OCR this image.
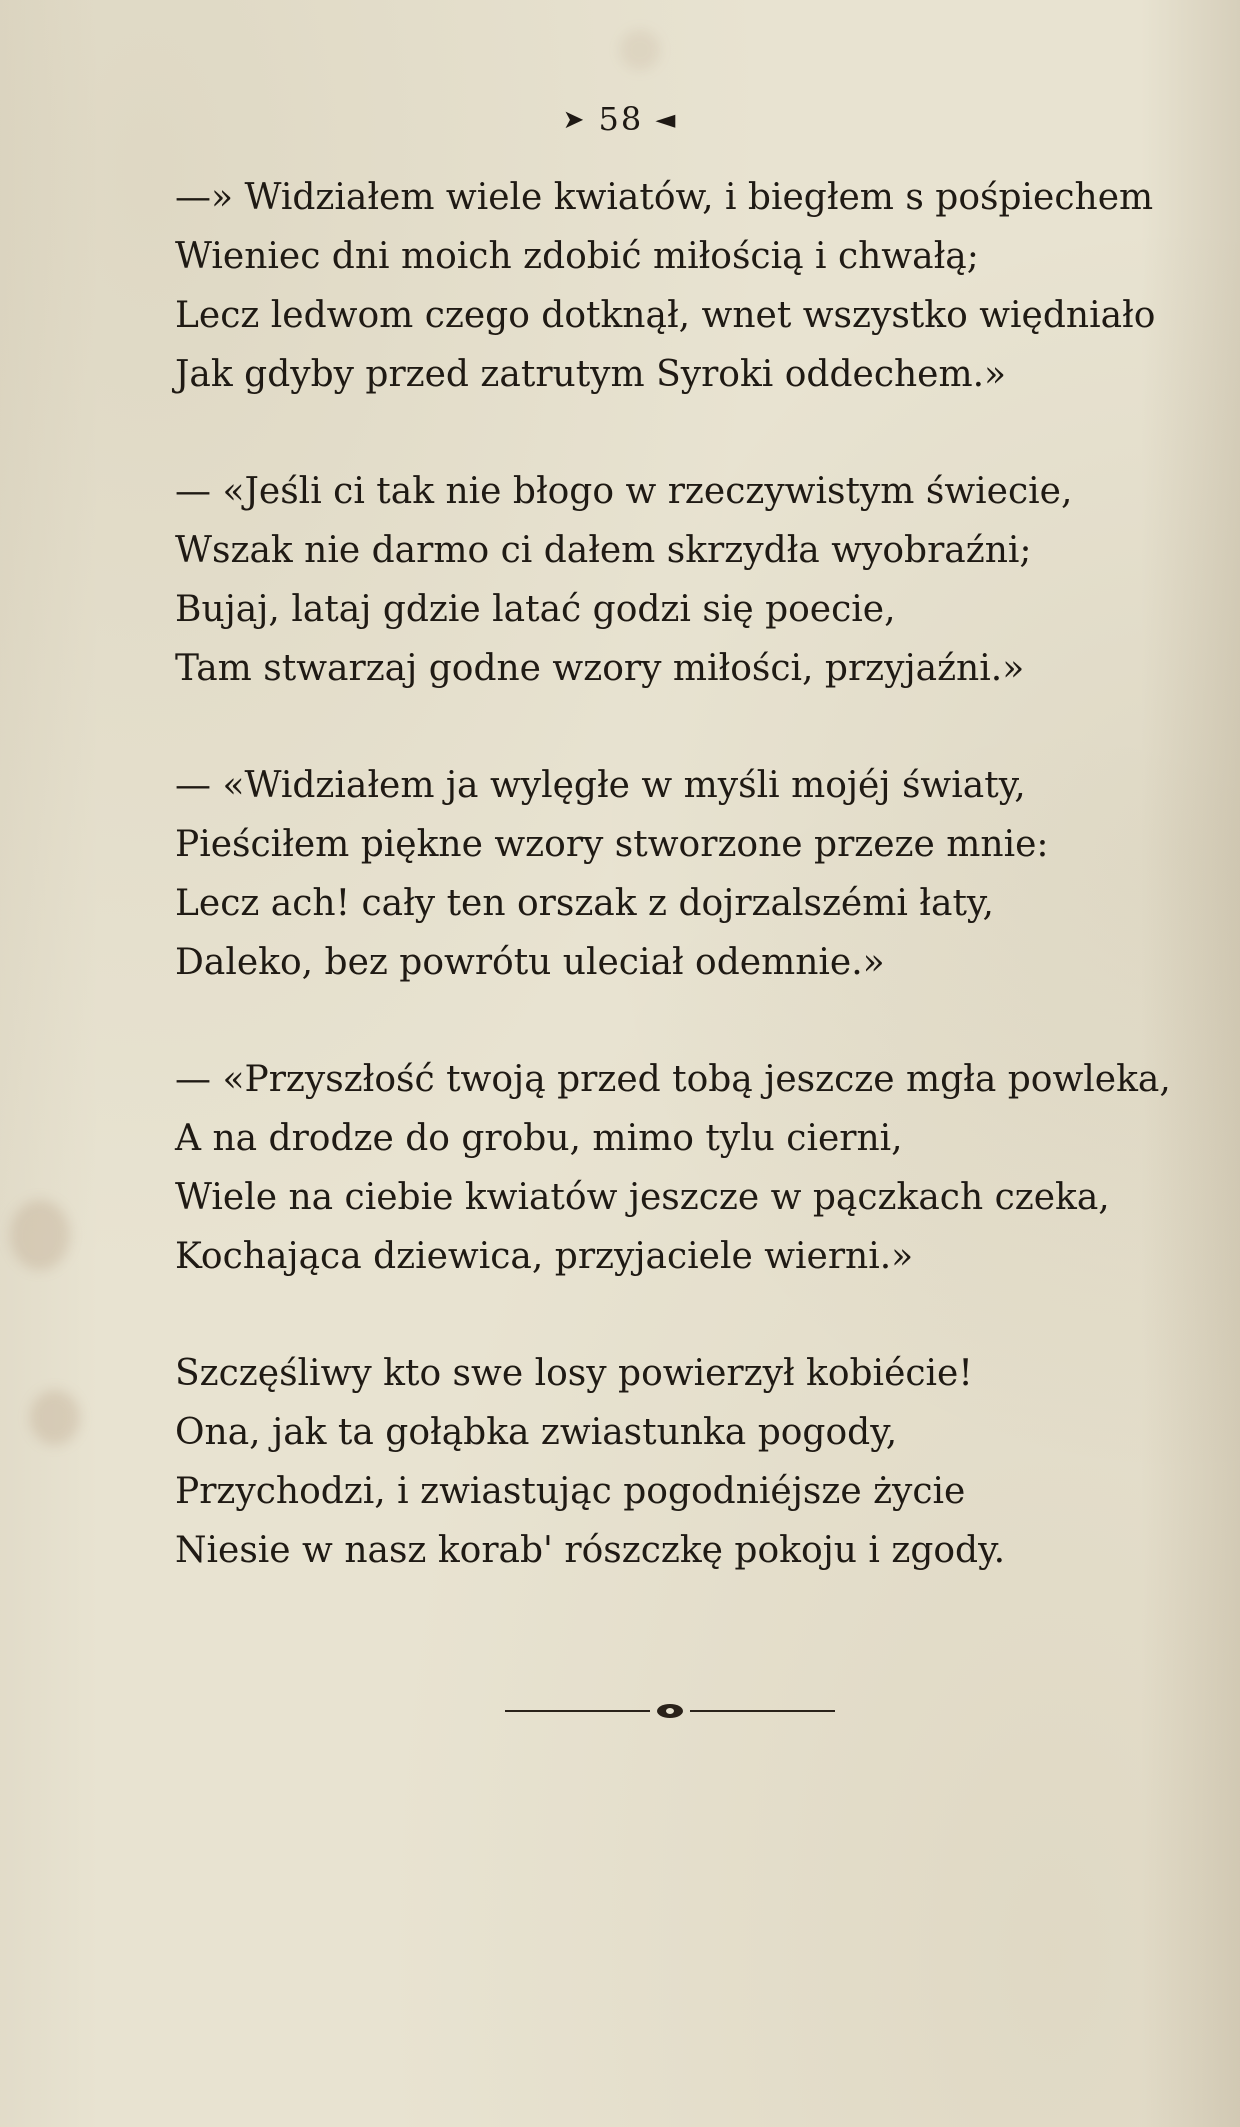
➤ 58 ◄
—» Widziałem wiele kwiatów, i biegłem s pośpiechem
Wieniec dni moich zdobić miłością i chwałą;
Lecz ledwom czego dotknął, wnet wszystko więdniało
Jak gdyby przed zatrutym Syroki oddechem.»
— «Jeśli ci tak nie błogo w rzeczywistym świecie,
Wszak nie darmo ci dałem skrzydła wyobraźni;
Bujaj, lataj gdzie latać godzi się poecie,
Tam stwarzaj godne wzory miłości, przyjaźni.»
— «Widziałem ja wylęgłe w myśli mojéj światy,
Pieściłem piękne wzory stworzone przeze mnie:
Lecz ach! cały ten orszak z dojrzalszémi łaty,
Daleko, bez powrótu uleciał odemnie.»
— «Przyszłość twoją przed tobą jeszcze mgła powleka,
A na drodze do grobu, mimo tylu cierni,
Wiele na ciebie kwiatów jeszcze w pączkach czeka,
Kochająca dziewica, przyjaciele wierni.»
Szczęśliwy kto swe losy powierzył kobiécie!
Ona, jak ta gołąbka zwiastunka pogody,
Przychodzi, i zwiastując pogodniéjsze życie
Niesie w nasz korab' rószczkę pokoju i zgody.
